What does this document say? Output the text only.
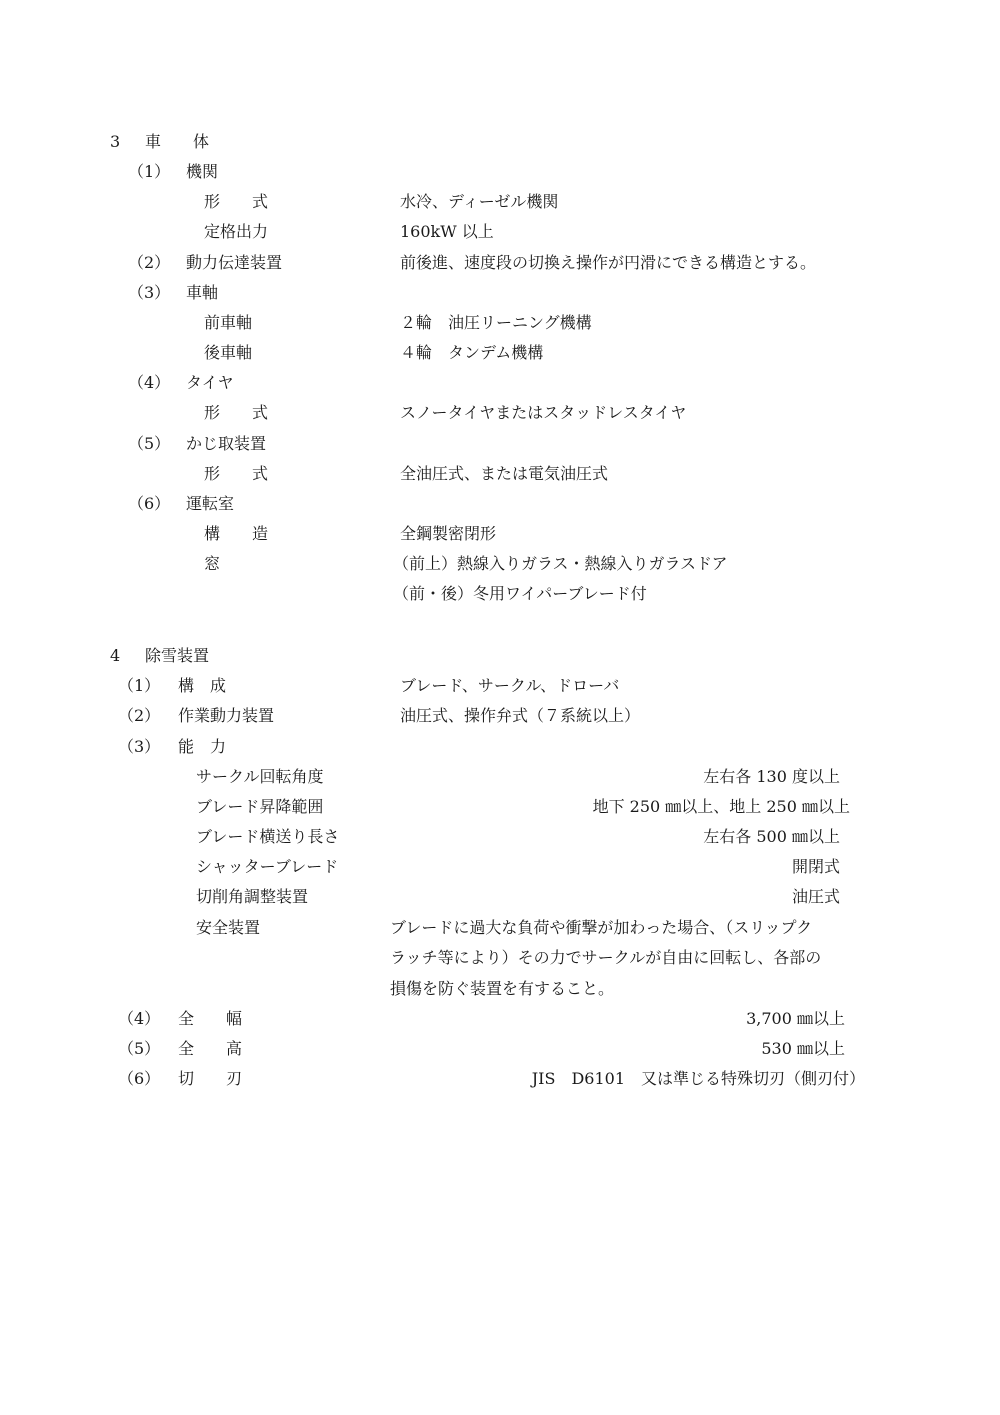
3 車　　体
（1） 機関
形　　式	水冷、ディーゼル機関
定格出力	160kW 以上
（2） 動力伝達装置	前後進、速度段の切換え操作が円滑にできる構造とする。
（3） 車軸
前車軸	２輪　油圧リーニング機構
後車軸	４輪　タンデム機構
（4） タイヤ
形　　式	スノータイヤまたはスタッドレスタイヤ
（5） かじ取装置
形　　式	全油圧式、または電気油圧式
（6） 運転室
構　　造	全鋼製密閉形
窓	（前上）熱線入りガラス・熱線入りガラスドア
（前・後）冬用ワイパーブレード付
4 除雪装置
（1） 構　成	ブレード、サークル、ドローバ
（2） 作業動力装置	油圧式、操作弁式（７系統以上）
（3） 能　力
サークル回転角度	左右各 130 度以上
ブレード昇降範囲	地下 250 ㎜以上、地上 250 ㎜以上
ブレード横送り長さ	左右各 500 ㎜以上
シャッターブレード	開閉式
切削角調整装置	油圧式
安全装置	ブレードに過大な負荷や衝撃が加わった場合、（スリップク
ラッチ等により）その力でサークルが自由に回転し、各部の
損傷を防ぐ装置を有すること。
（4） 全　　幅	3,700 ㎜以上
（5） 全　　高	530 ㎜以上
（6） 切　　刃	JIS　D6101　又は準じる特殊切刃（側刃付）
